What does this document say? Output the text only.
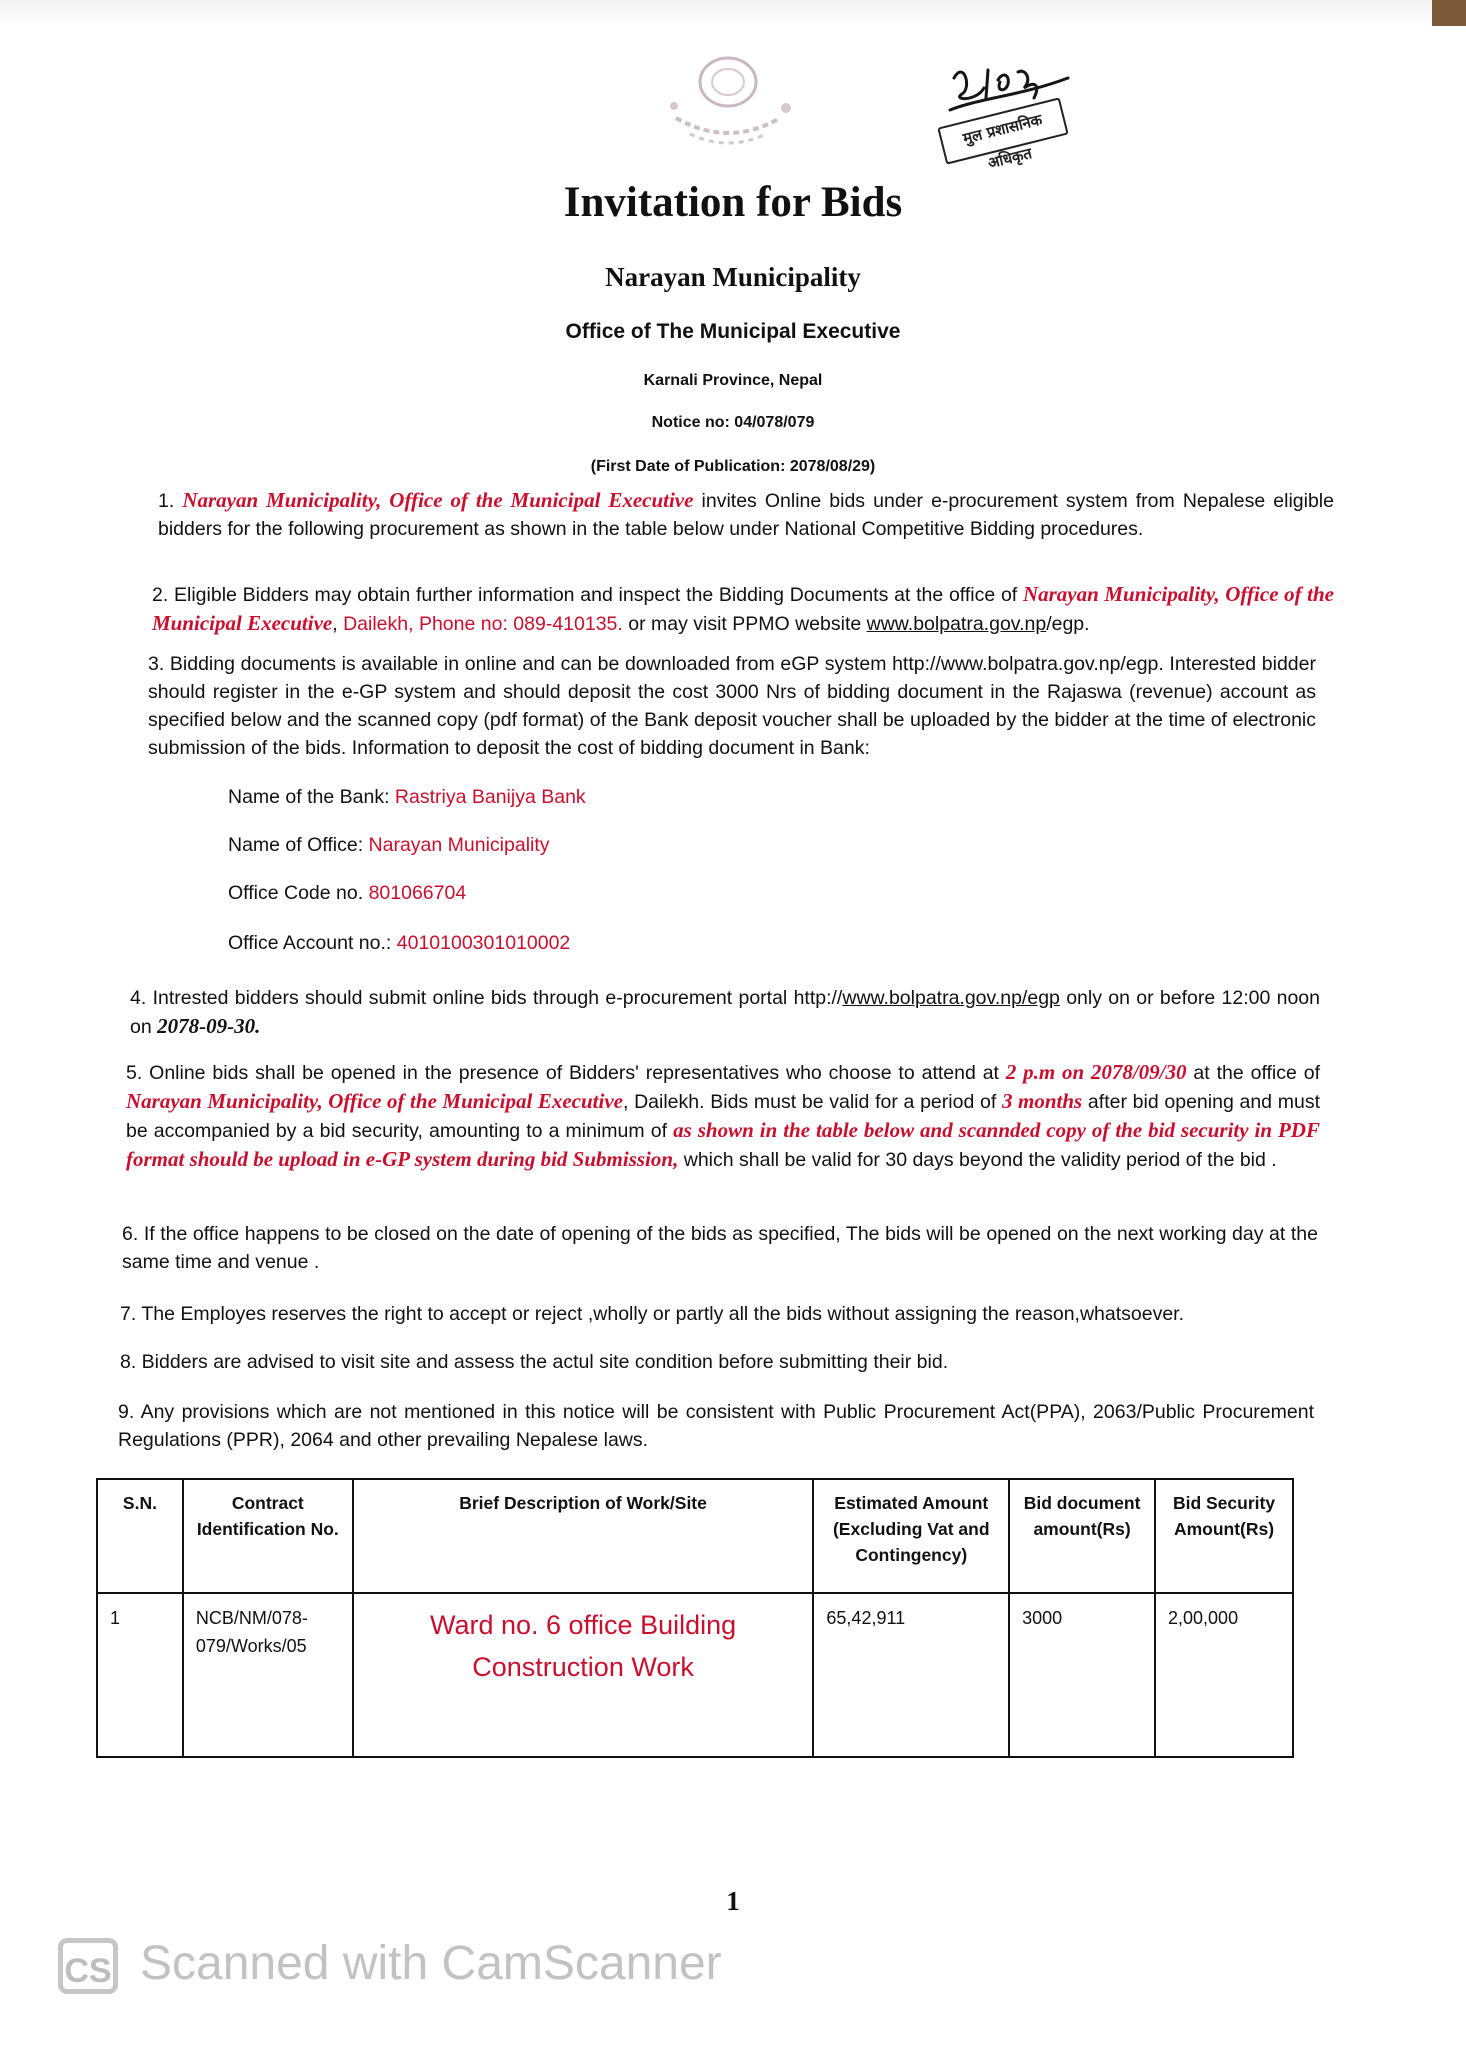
मुल प्रशासनिक अधिकृत
Invitation for Bids
Narayan Municipality
Office of The Municipal Executive
Karnali Province, Nepal
Notice no: 04/078/079
(First Date of Publication: 2078/08/29)
1. Narayan Municipality, Office of the Municipal Executive invites Online bids under e-procurement system from Nepalese eligible bidders for the following procurement as shown in the table below under National Competitive Bidding procedures.
2. Eligible Bidders may obtain further information and inspect the Bidding Documents at the office of Narayan Municipality, Office of the Municipal Executive, Dailekh, Phone no: 089-410135. or may visit PPMO website www.bolpatra.gov.np/egp.
3. Bidding documents is available in online and can be downloaded from eGP system http://www.bolpatra.gov.np/egp. Interested bidder should register in the e-GP system and should deposit the cost 3000 Nrs of bidding document in the Rajaswa (revenue) account as specified below and the scanned copy (pdf format) of the Bank deposit voucher shall be uploaded by the bidder at the time of electronic submission of the bids. Information to deposit the cost of bidding document in Bank:
Name of the Bank: Rastriya Banijya Bank
Name of Office: Narayan Municipality
Office Code no. 801066704
Office Account no.: 4010100301010002
4. Intrested bidders should submit online bids through e-procurement portal http://www.bolpatra.gov.np/egp only on or before 12:00 noon on 2078-09-30.
5. Online bids shall be opened in the presence of Bidders' representatives who choose to attend at 2 p.m on 2078/09/30 at the office of Narayan Municipality, Office of the Municipal Executive, Dailekh. Bids must be valid for a period of 3 months after bid opening and must be accompanied by a bid security, amounting to a minimum of as shown in the table below and scannded copy of the bid security in PDF format should be upload in e-GP system during bid Submission, which shall be valid for 30 days beyond the validity period of the bid .
6. If the office happens to be closed on the date of opening of the bids as specified, The bids will be opened on the next working day at the same time and venue .
7. The Employes reserves the right to accept or reject ,wholly or partly all the bids without assigning the reason,whatsoever.
8. Bidders are advised to visit site and assess the actul site condition before submitting their bid.
9. Any provisions which are not mentioned in this notice will be consistent with Public Procurement Act(PPA), 2063/Public Procurement Regulations (PPR), 2064 and other prevailing Nepalese laws.
S.N.	Contract Identification No.	Brief Description of Work/Site	Estimated Amount (Excluding Vat and Contingency)	Bid document amount(Rs)	Bid Security Amount(Rs)
1	NCB/NM/078-079/Works/05	Ward no. 6 office Building Construction Work	65,42,911	3000	2,00,000
1
CS Scanned with CamScanner
